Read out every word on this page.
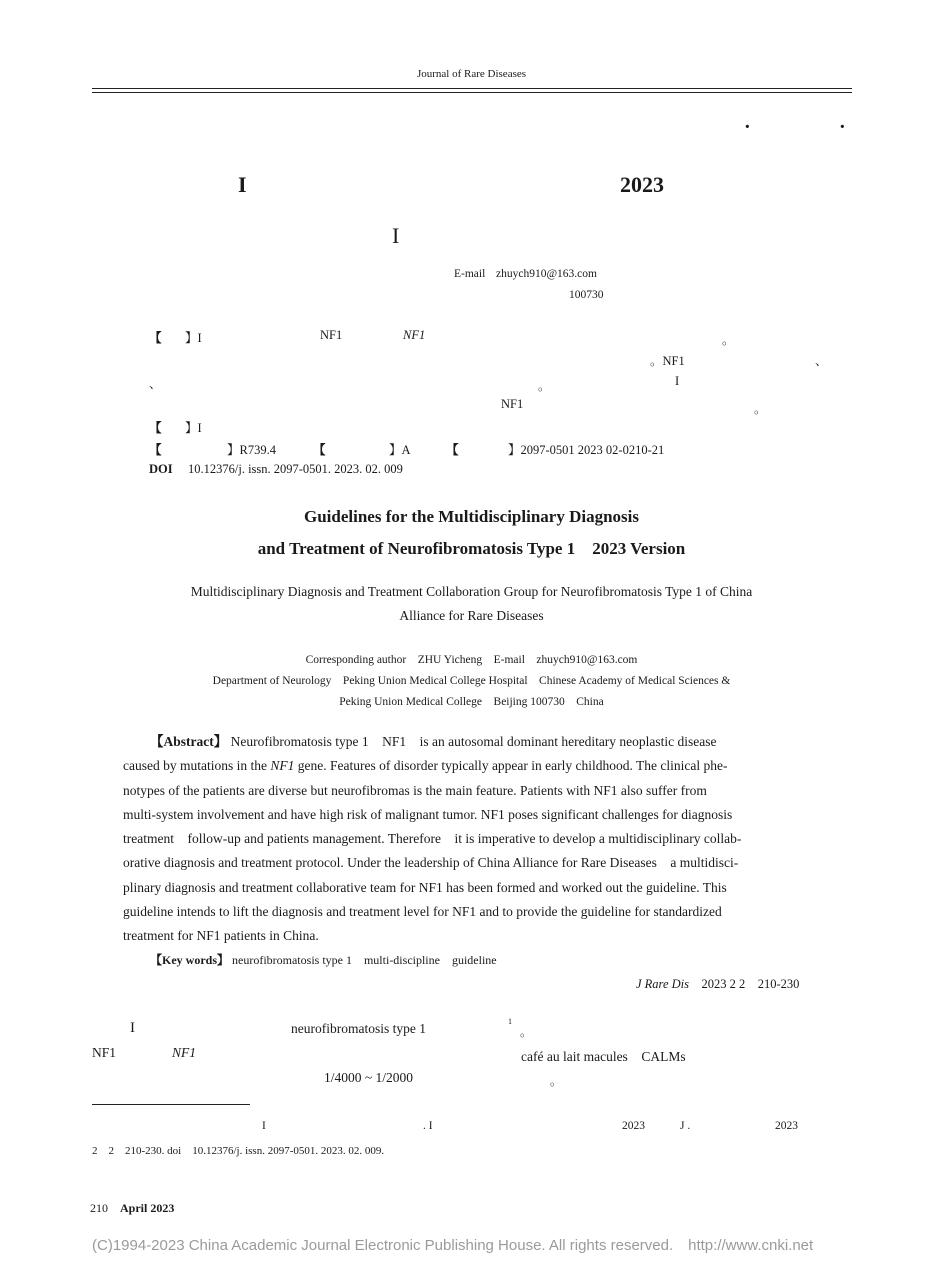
Journal of Rare Diseases
·	·
I	2023
I
E-mail zhuych910@163.com
100730
【 】I	NF1	NF1	。
。NF1	、
、	。	I
NF1	。
【 】I
【	】R739.4	【	】A	【	】2097-0501 2023 02-0210-21
DOI 10.12376/j. issn. 2097-0501. 2023. 02. 009
Guidelines for the Multidisciplinary Diagnosis
and Treatment of Neurofibromatosis Type 1　2023 Version
Multidisciplinary Diagnosis and Treatment Collaboration Group for Neurofibromatosis Type 1 of China
Alliance for Rare Diseases
Corresponding author　ZHU Yicheng　E-mail　zhuych910@163.com
Department of Neurology　Peking Union Medical College Hospital　Chinese Academy of Medical Sciences &
Peking Union Medical College　Beijing 100730　China
【Abstract】 Neurofibromatosis type 1　NF1　is an autosomal dominant hereditary neoplastic disease
caused by mutations in the NF1 gene. Features of disorder typically appear in early childhood. The clinical phe-
notypes of the patients are diverse but neurofibromas is the main feature. Patients with NF1 also suffer from
multi-system involvement and have high risk of malignant tumor. NF1 poses significant challenges for diagnosis
treatment　follow-up and patients management. Therefore　it is imperative to develop a multidisciplinary collab-
orative diagnosis and treatment protocol. Under the leadership of China Alliance for Rare Diseases　a multidisci-
plinary diagnosis and treatment collaborative team for NF1 has been formed and worked out the guideline. This
guideline intends to lift the diagnosis and treatment level for NF1 and to provide the guideline for standardized
treatment for NF1 patients in China.
【Key words】 neurofibromatosis type 1　multi-discipline　guideline
J Rare Dis　 2023 2 2　210-230
I	neurofibromatosis type 1	1
。
NF1	NF1	café au lait macules　CALMs
1/4000 ~ 1/2000	。
I	. I	2023	J .	2023
2　2　210-230. doi　10.12376/j. issn. 2097-0501. 2023. 02. 009.
210　 April 2023
(C)1994-2023 China Academic Journal Electronic Publishing House. All rights reserved.　http://www.cnki.net
